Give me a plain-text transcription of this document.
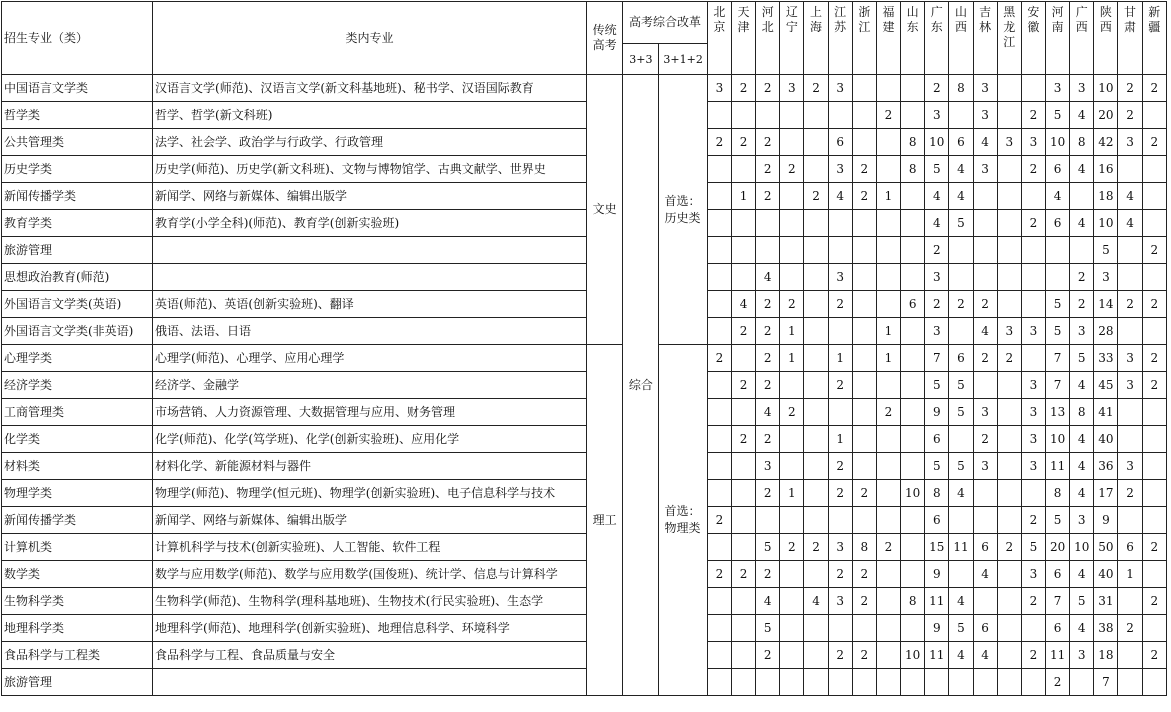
招生专业（类）	类内专业	传统高考	高考综合改革		北京	天津	河北	辽宁	上海	江苏	浙江	福建	山东	广东	山西	吉林	黑龙江	安徽	河南	广西	陕西	甘肃	新疆
			3+3	3+1+2																			
中国语言文学类	汉语言文学(师范)、汉语言文学(新文科基地班)、秘书学、汉语国际教育	文史	综合	首选：历史类	3	2	2	3	2	3				2	8	3			3	3	10	2	2
哲学类	哲学、哲学(新文科班)											2		3		3		2	5	4	20	2	
公共管理类	法学、社会学、政治学与行政学、行政管理				2	2	2			6			8	10	6	4	3	3	10	8	42	3	2
历史学类	历史学(师范)、历史学(新文科班)、文物与博物馆学、古典文献学、世界史						2	2		3	2		8	5	4	3		2	6	4	16		
新闻传播学类	新闻学、网络与新媒体、编辑出版学					1	2		2	4	2	1		4	4				4		18	4	
教育学类	教育学(小学全科)(师范)、教育学(创新实验班)													4	5			2	6	4	10	4	
旅游管理														2							5		2
思想政治教育(师范)							4			3				3						2	3		
外国语言文学类(英语)	英语(师范)、英语(创新实验班)、翻译					4	2	2		2			6	2	2	2			5	2	14	2	2
外国语言文学类(非英语)	俄语、法语、日语					2	2	1				1		3		4	3	3	5	3	28		
心理学类	心理学(师范)、心理学、应用心理学	理工		首选：物理类	2		2	1		1		1		7	6	2	2		7	5	33	3	2
经济学类	经济学、金融学					2	2			2				5	5			3	7	4	45	3	2
工商管理类	市场营销、人力资源管理、大数据管理与应用、财务管理						4	2				2		9	5	3		3	13	8	41		
化学类	化学(师范)、化学(笃学班)、化学(创新实验班)、应用化学					2	2			1				6		2		3	10	4	40		
材料类	材料化学、新能源材料与器件						3			2				5	5	3		3	11	4	36	3	
物理学类	物理学(师范)、物理学(恒元班)、物理学(创新实验班)、电子信息科学与技术						2	1		2	2		10	8	4				8	4	17	2	
新闻传播学类	新闻学、网络与新媒体、编辑出版学				2									6				2	5	3	9		
计算机类	计算机科学与技术(创新实验班)、人工智能、软件工程						5	2	2	3	8	2		15	11	6	2	5	20	10	50	6	2
数学类	数学与应用数学(师范)、数学与应用数学(国俊班)、统计学、信息与计算科学				2	2	2			2	2			9		4		3	6	4	40	1	
生物科学类	生物科学(师范)、生物科学(理科基地班)、生物技术(行民实验班)、生态学						4		4	3	2		8	11	4			2	7	5	31		2
地理科学类	地理科学(师范)、地理科学(创新实验班)、地理信息科学、环境科学						5							9	5	6			6	4	38	2	
食品科学与工程类	食品科学与工程、食品质量与安全						2			2	2		10	11	4	4		2	11	3	18		2
旅游管理																			2		7		
